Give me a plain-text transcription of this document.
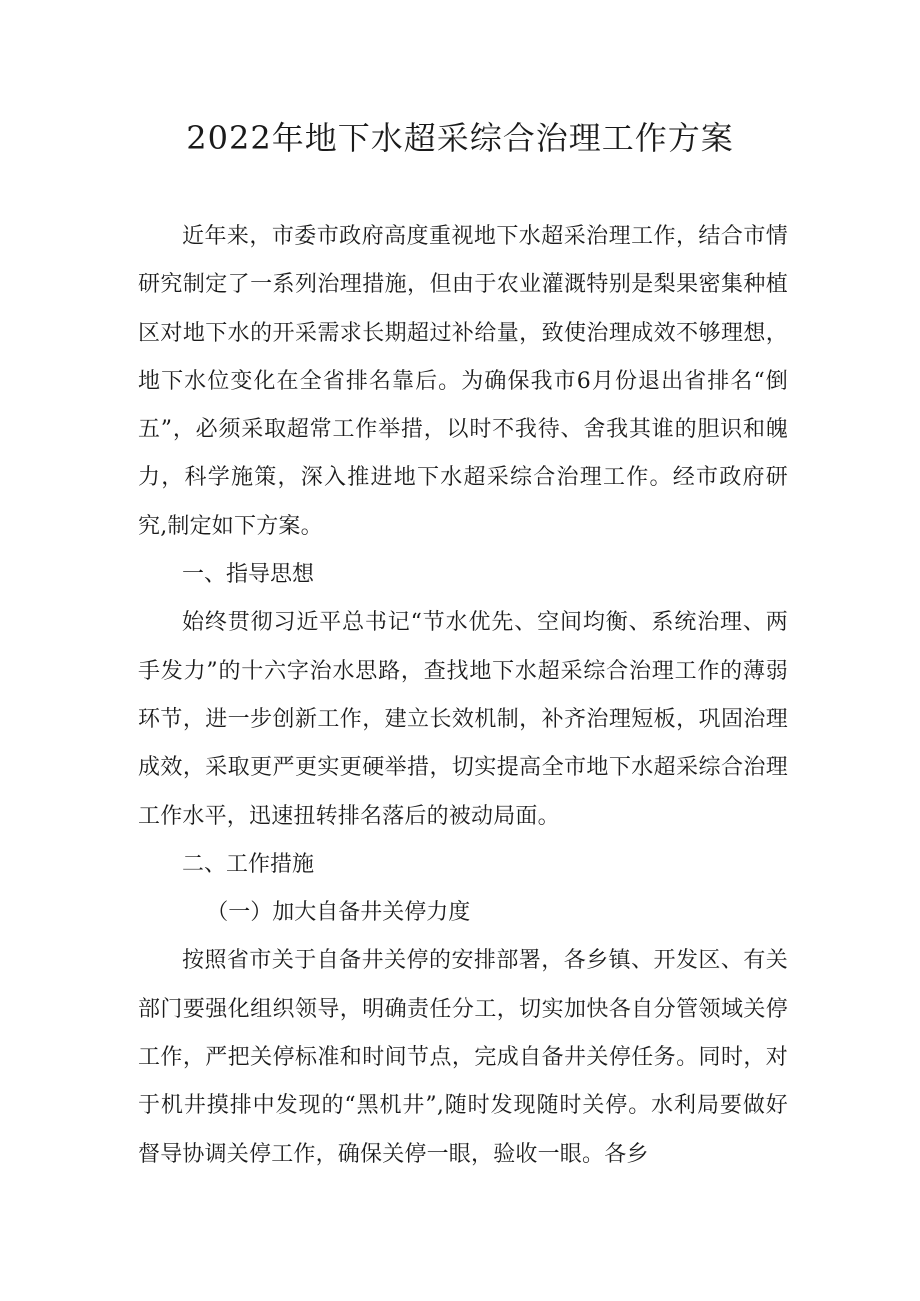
2022年地下水超采综合治理工作方案

近年来，市委市政府高度重视地下水超采治理工作，结合市情研究制定了一系列治理措施，但由于农业灌溉特别是梨果密集种植区对地下水的开采需求长期超过补给量，致使治理成效不够理想，地下水位变化在全省排名靠后。为确保我市6月份退出省排名“倒五”，必须采取超常工作举措，以时不我待、舍我其谁的胆识和魄力，科学施策，深入推进地下水超采综合治理工作。经市政府研究,制定如下方案。

一、指导思想

始终贯彻习近平总书记“节水优先、空间均衡、系统治理、两手发力”的十六字治水思路，查找地下水超采综合治理工作的薄弱环节，进一步创新工作，建立长效机制，补齐治理短板，巩固治理成效，采取更严更实更硬举措，切实提高全市地下水超采综合治理工作水平，迅速扭转排名落后的被动局面。

二、工作措施

（一）加大自备井关停力度

按照省市关于自备井关停的安排部署，各乡镇、开发区、有关部门要强化组织领导，明确责任分工，切实加快各自分管领域关停工作，严把关停标准和时间节点，完成自备井关停任务。同时，对于机井摸排中发现的“黑机井”,随时发现随时关停。水利局要做好督导协调关停工作，确保关停一眼，验收一眼。各乡
